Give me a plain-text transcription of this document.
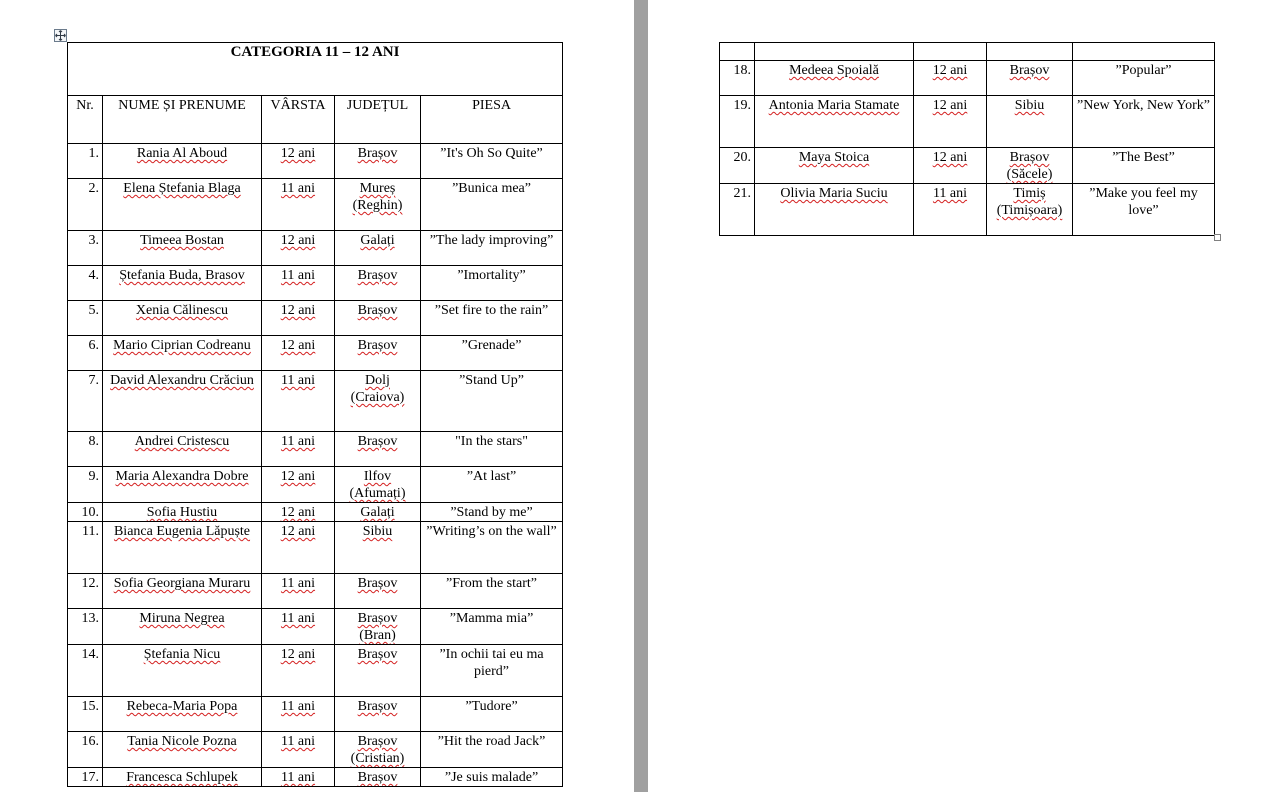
CATEGORIA 11 – 12 ANI				
Nr.	NUME ȘI PRENUME	VÂRSTA	JUDEȚUL	PIESA
1.	Rania Al Aboud	12 ani	Brașov	”It's Oh So Quite”
2.	Elena Ștefania Blaga	11 ani	Mureș (Reghin)	”Bunica mea”
3.	Timeea Bostan	12 ani	Galați	”The lady improving”
4.	Ștefania Buda, Brasov	11 ani	Brașov	”Imortality”
5.	Xenia Călinescu	12 ani	Brașov	”Set fire to the rain”
6.	Mario Ciprian Codreanu	12 ani	Brașov	”Grenade”
7.	David Alexandru Crăciun	11 ani	Dolj (Craiova)	”Stand Up”
8.	Andrei Cristescu	11 ani	Brașov	"In the stars"
9.	Maria Alexandra Dobre	12 ani	Ilfov (Afumați)	”At last”
10.	Sofia Hustiu	12 ani	Galați	”Stand by me”
11.	Bianca Eugenia Lăpuște	12 ani	Sibiu	”Writing’s on the wall”
12.	Sofia Georgiana Muraru	11 ani	Brașov	”From the start”
13.	Miruna Negrea	11 ani	Brașov (Bran)	”Mamma mia”
14.	Ștefania Nicu	12 ani	Brașov	”In ochii tai eu ma pierd”
15.	Rebeca-Maria Popa	11 ani	Brașov	”Tudore”
16.	Tania Nicole Pozna	11 ani	Brașov (Cristian)	”Hit the road Jack”
17.	Francesca Schlupek	11 ani	Brașov	”Je suis malade”

18.	Medeea Spoială	12 ani	Brașov	”Popular”
19.	Antonia Maria Stamate	12 ani	Sibiu	”New York, New York”
20.	Maya Stoica	12 ani	Brașov (Săcele)	”The Best”
21.	Olivia Maria Suciu	11 ani	Timiș (Timișoara)	”Make you feel my love”
